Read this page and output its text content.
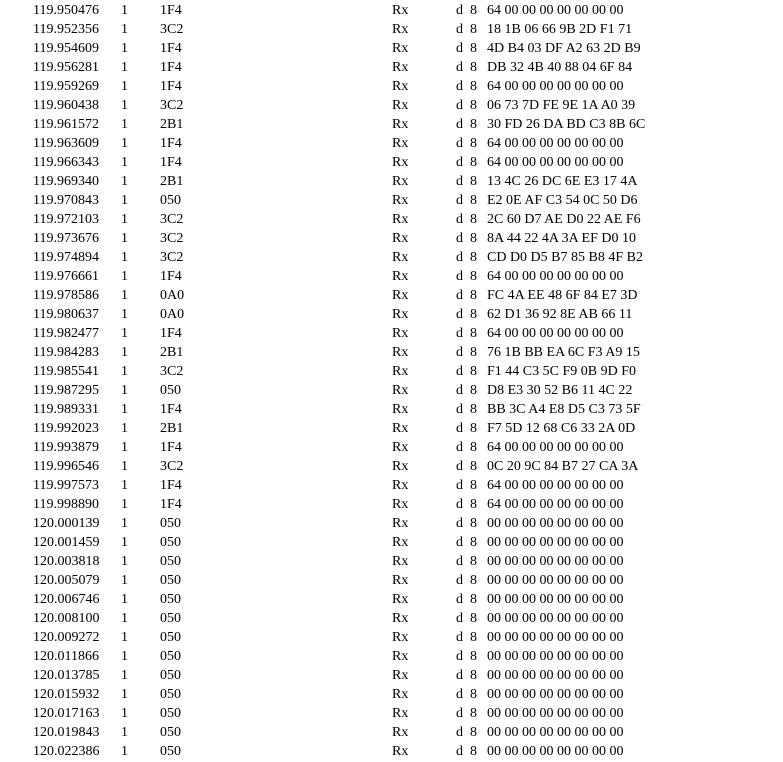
119.950476 1 1F4	Rx	d 8 64 00 00 00 00 00 00 00
119.952356 1 3C2	Rx	d 8 18 1B 06 66 9B 2D F1 71
119.954609 1 1F4	Rx	d 8 4D B4 03 DF A2 63 2D B9
119.956281 1 1F4	Rx	d 8 DB 32 4B 40 88 04 6F 84
119.959269 1 1F4	Rx	d 8 64 00 00 00 00 00 00 00
119.960438 1 3C2	Rx	d 8 06 73 7D FE 9E 1A A0 39
119.961572 1 2B1	Rx	d 8 30 FD 26 DA BD C3 8B 6C
119.963609 1 1F4	Rx	d 8 64 00 00 00 00 00 00 00
119.966343 1 1F4	Rx	d 8 64 00 00 00 00 00 00 00
119.969340 1 2B1	Rx	d 8 13 4C 26 DC 6E E3 17 4A
119.970843 1 050	Rx	d 8 E2 0E AF C3 54 0C 50 D6
119.972103 1 3C2	Rx	d 8 2C 60 D7 AE D0 22 AE F6
119.973676 1 3C2	Rx	d 8 8A 44 22 4A 3A EF D0 10
119.974894 1 3C2	Rx	d 8 CD D0 D5 B7 85 B8 4F B2
119.976661 1 1F4	Rx	d 8 64 00 00 00 00 00 00 00
119.978586 1 0A0	Rx	d 8 FC 4A EE 48 6F 84 E7 3D
119.980637 1 0A0	Rx	d 8 62 D1 36 92 8E AB 66 11
119.982477 1 1F4	Rx	d 8 64 00 00 00 00 00 00 00
119.984283 1 2B1	Rx	d 8 76 1B BB EA 6C F3 A9 15
119.985541 1 3C2	Rx	d 8 F1 44 C3 5C F9 0B 9D F0
119.987295 1 050	Rx	d 8 D8 E3 30 52 B6 11 4C 22
119.989331 1 1F4	Rx	d 8 BB 3C A4 E8 D5 C3 73 5F
119.992023 1 2B1	Rx	d 8 F7 5D 12 68 C6 33 2A 0D
119.993879 1 1F4	Rx	d 8 64 00 00 00 00 00 00 00
119.996546 1 3C2	Rx	d 8 0C 20 9C 84 B7 27 CA 3A
119.997573 1 1F4	Rx	d 8 64 00 00 00 00 00 00 00
119.998890 1 1F4	Rx	d 8 64 00 00 00 00 00 00 00
120.000139 1 050	Rx	d 8 00 00 00 00 00 00 00 00
120.001459 1 050	Rx	d 8 00 00 00 00 00 00 00 00
120.003818 1 050	Rx	d 8 00 00 00 00 00 00 00 00
120.005079 1 050	Rx	d 8 00 00 00 00 00 00 00 00
120.006746 1 050	Rx	d 8 00 00 00 00 00 00 00 00
120.008100 1 050	Rx	d 8 00 00 00 00 00 00 00 00
120.009272 1 050	Rx	d 8 00 00 00 00 00 00 00 00
120.011866 1 050	Rx	d 8 00 00 00 00 00 00 00 00
120.013785 1 050	Rx	d 8 00 00 00 00 00 00 00 00
120.015932 1 050	Rx	d 8 00 00 00 00 00 00 00 00
120.017163 1 050	Rx	d 8 00 00 00 00 00 00 00 00
120.019843 1 050	Rx	d 8 00 00 00 00 00 00 00 00
120.022386 1 050	Rx	d 8 00 00 00 00 00 00 00 00
